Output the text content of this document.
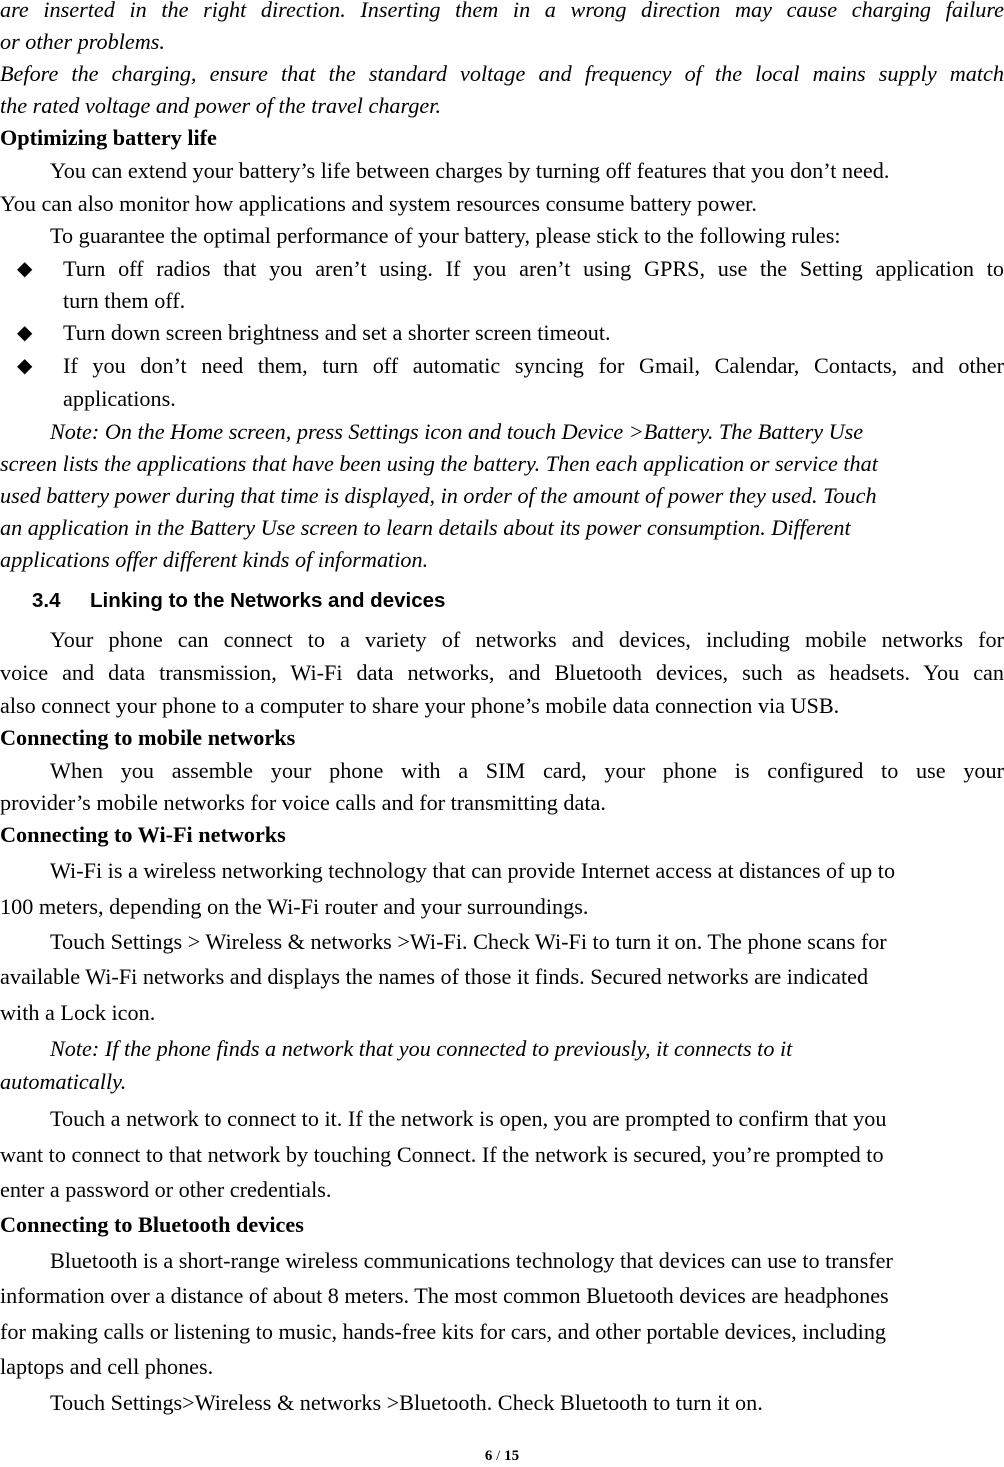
are inserted in the right direction. Inserting them in a wrong direction may cause charging failure
or other problems.
Before the charging, ensure that the standard voltage and frequency of the local mains supply match
the rated voltage and power of the travel charger.
Optimizing battery life
You can extend your battery’s life between charges by turning off features that you don’t need.
You can also monitor how applications and system resources consume battery power.
To guarantee the optimal performance of your battery, please stick to the following rules:
◆ Turn off radios that you aren’t using. If you aren’t using GPRS, use the Setting application to
turn them off.
◆ Turn down screen brightness and set a shorter screen timeout.
◆ If you don’t need them, turn off automatic syncing for Gmail, Calendar, Contacts, and other
applications.
Note: On the Home screen, press Settings icon and touch Device >Battery. The Battery Use
screen lists the applications that have been using the battery. Then each application or service that
used battery power during that time is displayed, in order of the amount of power they used. Touch
an application in the Battery Use screen to learn details about its power consumption. Different
applications offer different kinds of information.
3.4 Linking to the Networks and devices
Your phone can connect to a variety of networks and devices, including mobile networks for
voice and data transmission, Wi-Fi data networks, and Bluetooth devices, such as headsets. You can
also connect your phone to a computer to share your phone’s mobile data connection via USB.
Connecting to mobile networks
When you assemble your phone with a SIM card, your phone is configured to use your
provider’s mobile networks for voice calls and for transmitting data.
Connecting to Wi-Fi networks
Wi-Fi is a wireless networking technology that can provide Internet access at distances of up to
100 meters, depending on the Wi-Fi router and your surroundings.
Touch Settings > Wireless & networks >Wi-Fi. Check Wi-Fi to turn it on. The phone scans for
available Wi-Fi networks and displays the names of those it finds. Secured networks are indicated
with a Lock icon.
Note: If the phone finds a network that you connected to previously, it connects to it
automatically.
Touch a network to connect to it. If the network is open, you are prompted to confirm that you
want to connect to that network by touching Connect. If the network is secured, you’re prompted to
enter a password or other credentials.
Connecting to Bluetooth devices
Bluetooth is a short-range wireless communications technology that devices can use to transfer
information over a distance of about 8 meters. The most common Bluetooth devices are headphones
for making calls or listening to music, hands-free kits for cars, and other portable devices, including
laptops and cell phones.
Touch Settings>Wireless & networks >Bluetooth. Check Bluetooth to turn it on.
6 / 15
